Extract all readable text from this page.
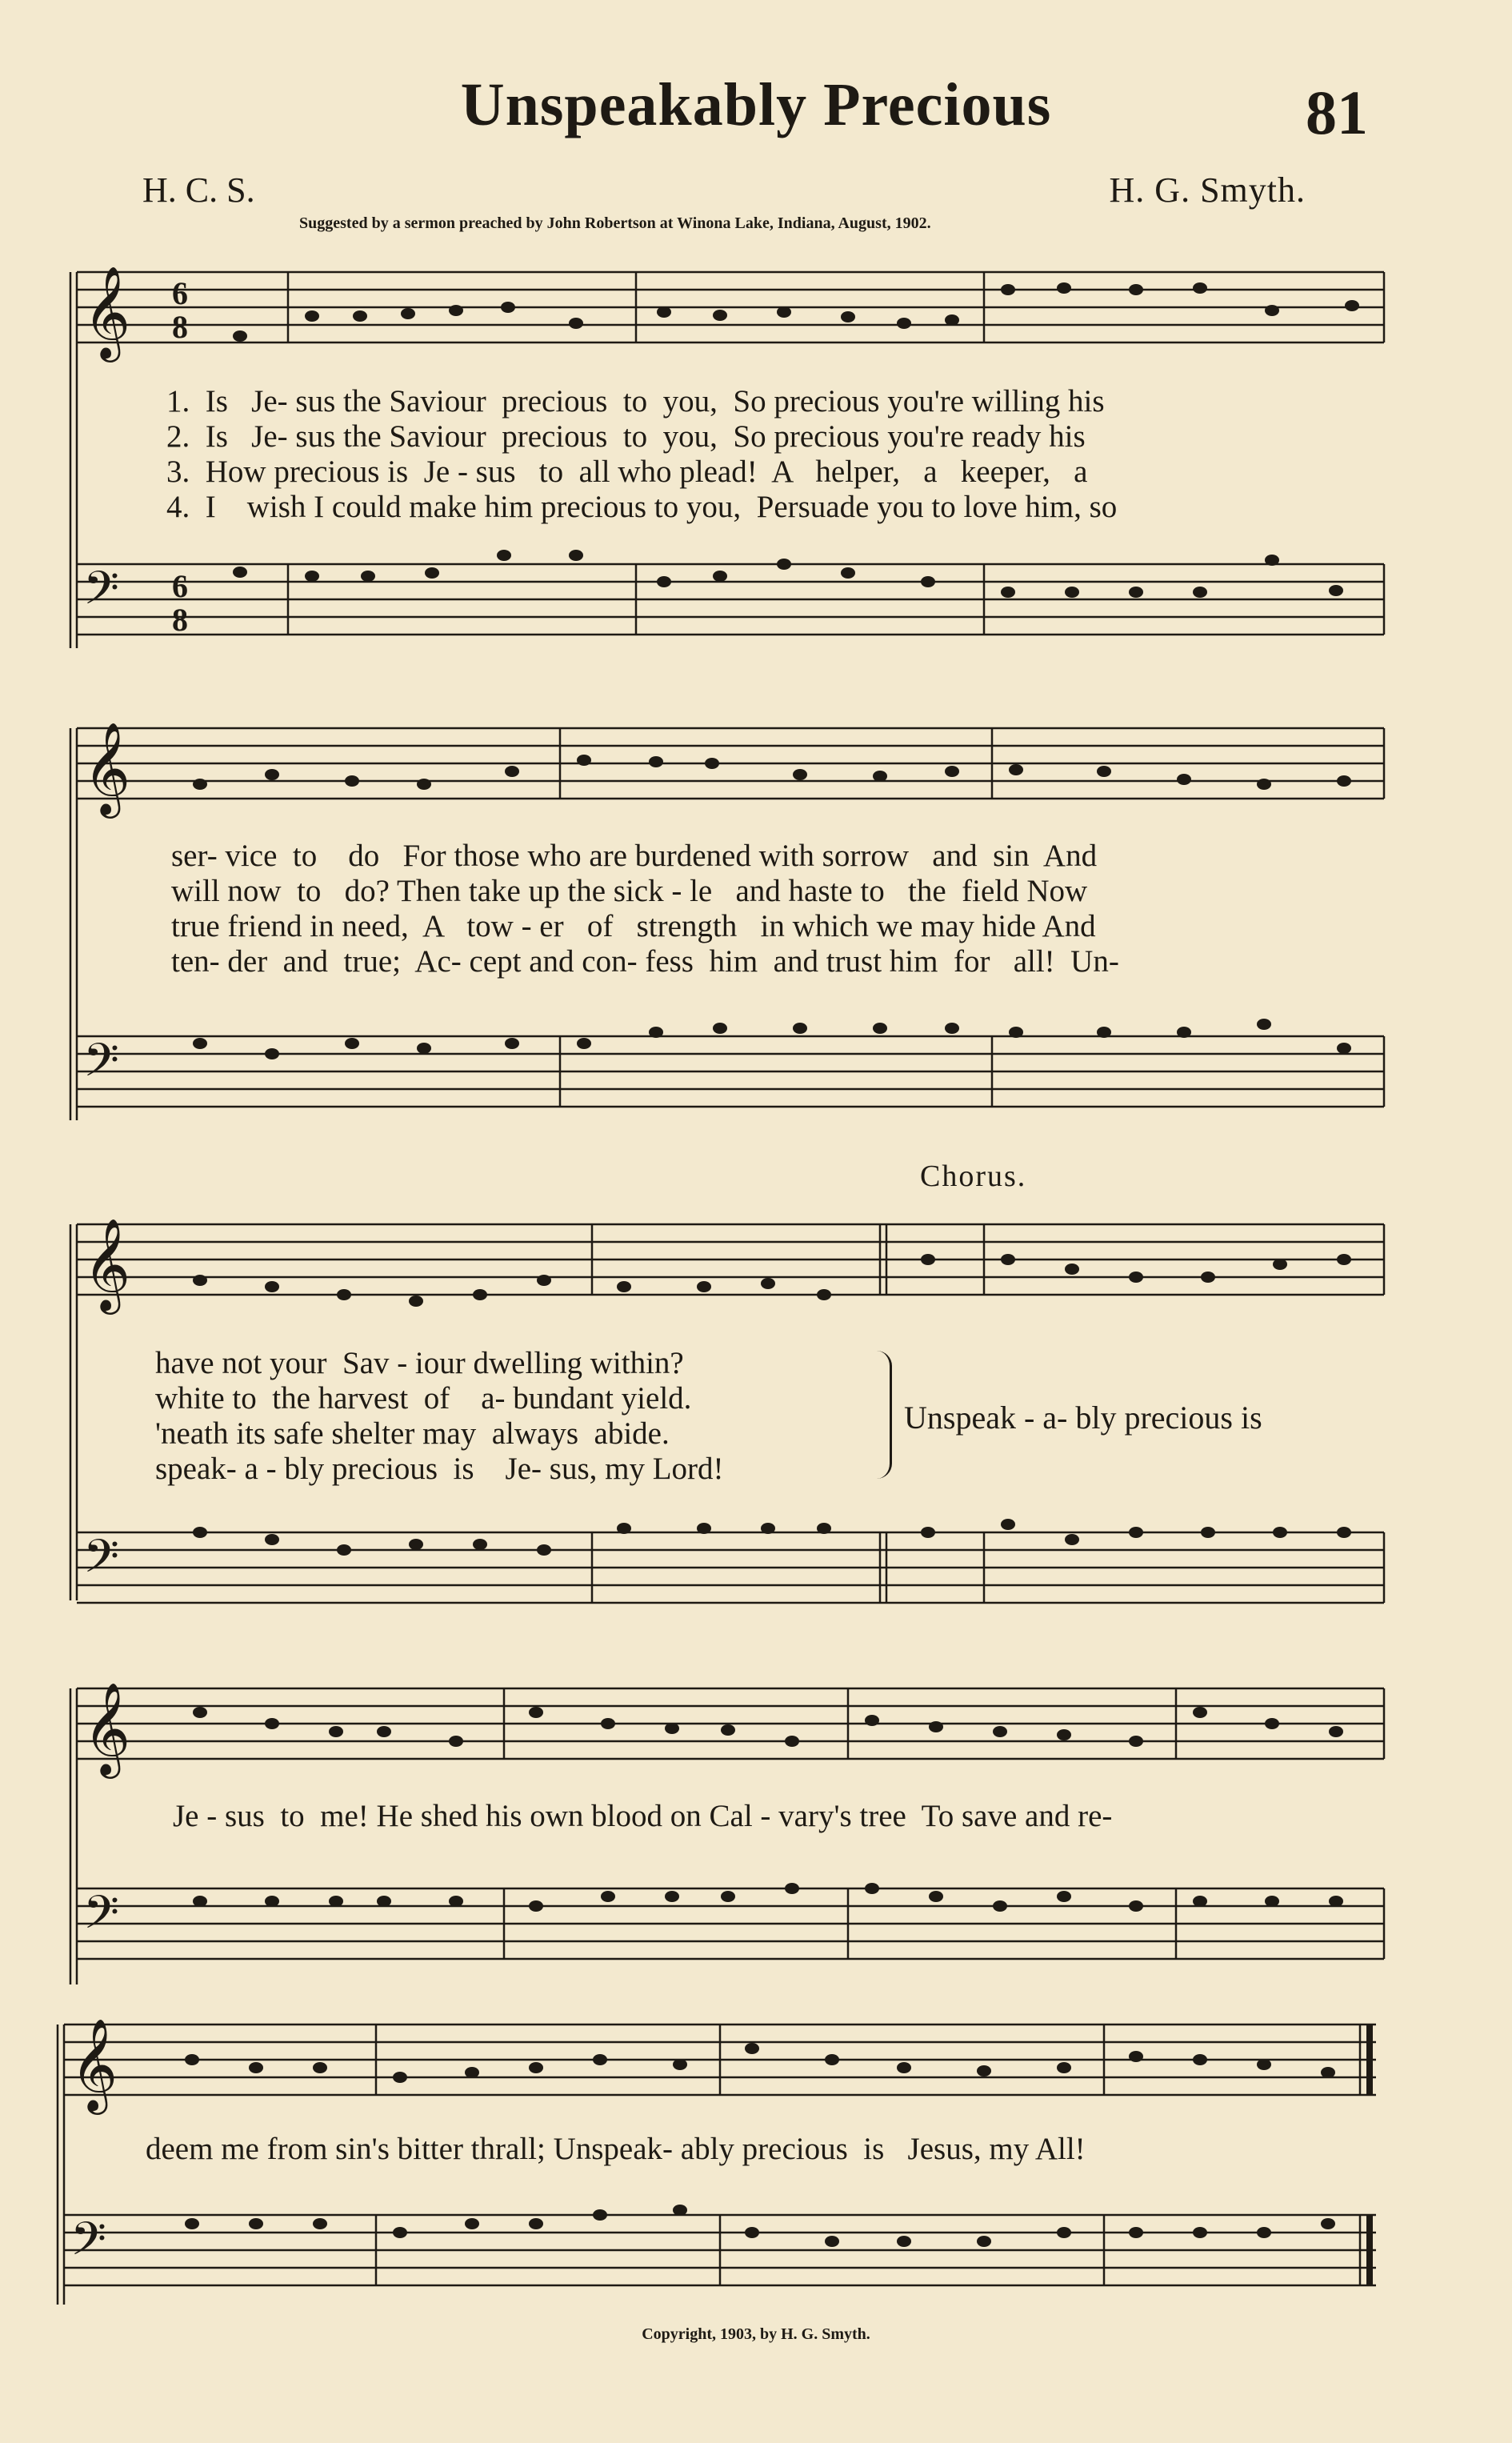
Unspeakably Precious	81
H. C. S.	H. G. Smyth.
Suggested by a sermon preached by John Robertson at Winona Lake, Indiana, August, 1902.
𝄞 6
8
𝄢 6
8
1.  Is   Je- sus the Saviour  precious  to  you,  So precious you're willing his
2.  Is   Je- sus the Saviour  precious  to  you,  So precious you're ready his
3.  How precious is  Je - sus   to  all who plead!  A   helper,   a   keeper,   a
4.  I    wish I could make him precious to you,  Persuade you to love him, so
𝄞
𝄢
ser- vice  to    do   For those who are burdened with sorrow   and  sin  And
will now  to   do? Then take up the sick - le   and haste to   the  field Now
true friend in need,  A   tow - er   of   strength   in which we may hide And
ten- der  and  true;  Ac- cept and con- fess  him  and trust him  for   all!  Un-
Chorus.
𝄞
𝄢
have not your  Sav - iour dwelling within?
white to  the harvest  of    a- bundant yield.
'neath its safe shelter may  always  abide.
speak- a - bly precious  is    Je- sus, my Lord!
Unspeak - a- bly precious is
𝄞
𝄢
Je - sus  to  me! He shed his own blood on Cal - vary's tree  To save and re-
𝄞
𝄢
deem me from sin's bitter thrall; Unspeak- ably precious  is   Jesus, my All!
Copyright, 1903, by H. G. Smyth.
